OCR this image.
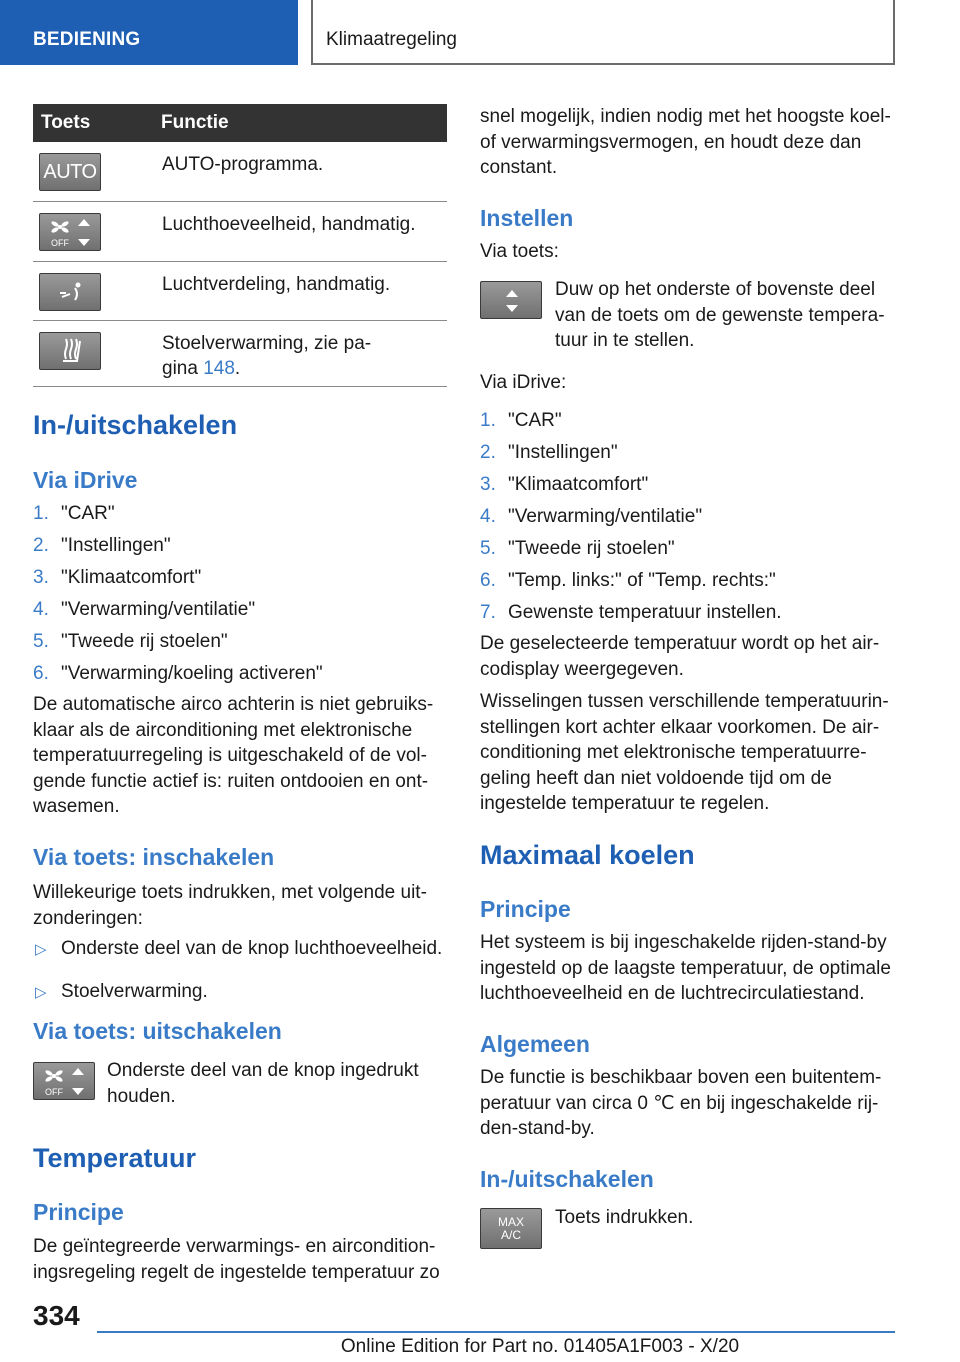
BEDIENING	Klimaatregeling
Toets	Functie
AUTO	AUTO-programma.

OFF	Luchthoeveelheid, handmatig.

	Luchtverdeling, handmatig.

	Stoelverwarming, zie pa-
gina 148.
In-/uitschakelen
Via iDrive
1. "CAR"
2. "Instellingen"
3. "Klimaatcomfort"
4. "Verwarming/ventilatie"
5. "Tweede rij stoelen"
6. "Verwarming/koeling activeren"

De automatische airco achterin is niet gebruiks-
klaar als de airconditioning met elektronische
temperatuurregeling is uitgeschakeld of de vol-
gende functie actief is: ruiten ontdooien en ont-
wasemen.

Via toets: inschakelen

Willekeurige toets indrukken, met volgende uit-
zonderingen:

▷ Onderste deel van de knop luchthoeveelheid.
▷ Stoelverwarming.
Via toets: uitschakelen
OFF

Onderste deel van de knop ingedrukt
houden.

Temperatuur
Principe

De geïntegreerde verwarmings- en aircondition-
ingsregeling regelt de ingestelde temperatuur zo

snel mogelijk, indien nodig met het hoogste koel-
of verwarmingsvermogen, en houdt deze dan
constant.

Instellen

Via toets:

Duw op het onderste of bovenste deel
van de toets om de gewenste tempera-
tuur in te stellen.

Via iDrive:

1. "CAR"
2. "Instellingen"
3. "Klimaatcomfort"
4. "Verwarming/ventilatie"
5. "Tweede rij stoelen"
6. "Temp. links:" of "Temp. rechts:"
7. Gewenste temperatuur instellen.

De geselecteerde temperatuur wordt op het air-
codisplay weergegeven.

Wisselingen tussen verschillende temperatuurin-
stellingen kort achter elkaar voorkomen. De air-
conditioning met elektronische temperatuurre-
geling heeft dan niet voldoende tijd om de
ingestelde temperatuur te regelen.

Maximaal koelen
Principe

Het systeem is bij ingeschakelde rijden-stand-by
ingesteld op de laagste temperatuur, de optimale
luchthoeveelheid en de luchtrecirculatiestand.

Algemeen

De functie is beschikbaar boven een buitentem-
peratuur van circa 0 ℃ en bij ingeschakelde rij-
den-stand-by.

In-/uitschakelen
MAX
A/C

Toets indrukken.

334
Online Edition for Part no. 01405A1F003 - X/20
